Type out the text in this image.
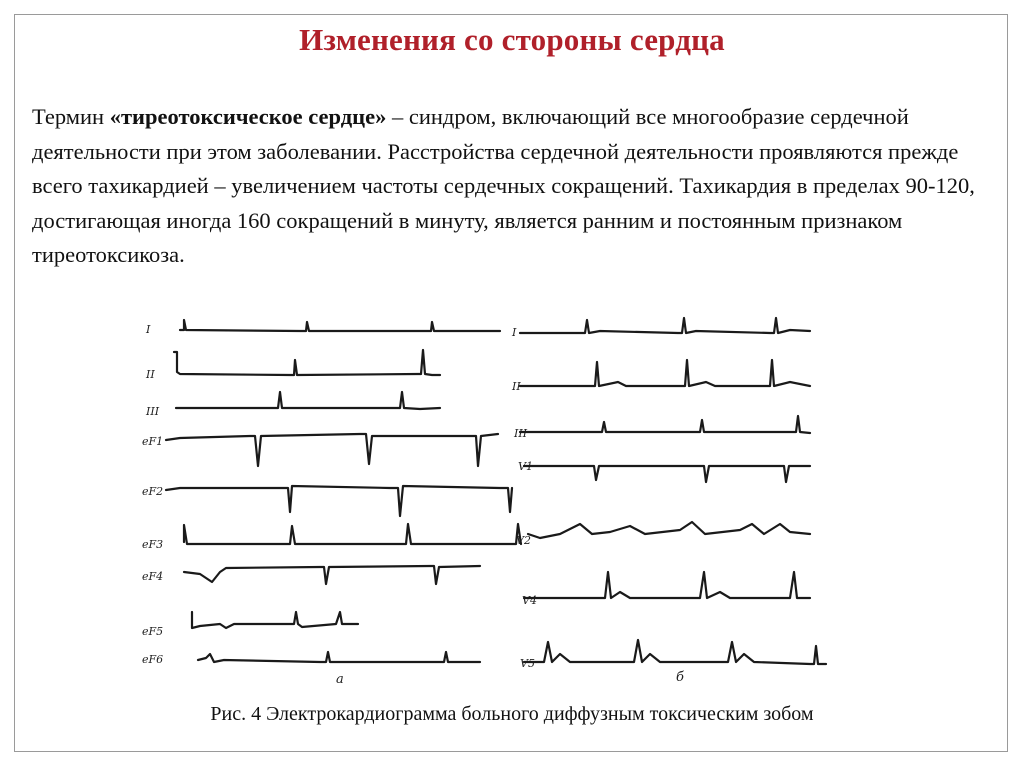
Изменения со стороны сердца
Термин «тиреотоксическое сердце» – синдром, включающий все многообразие сердечной деятельности при этом заболевании. Расстройства сердечной деятельности проявляются прежде всего тахикардией – увеличением частоты сердечных сокращений. Тахикардия в пределах 90-120, достигающая иногда 160 сокращений в минуту, является ранним и постоянным признаком тиреотоксикоза.
I
II
III
eF1
eF2
eF3
eF4
eF5
eF6
а
I
II
III
V1
V2
V4
V5
б
Рис. 4 Электрокардиограмма больного диффузным токсическим зобом
